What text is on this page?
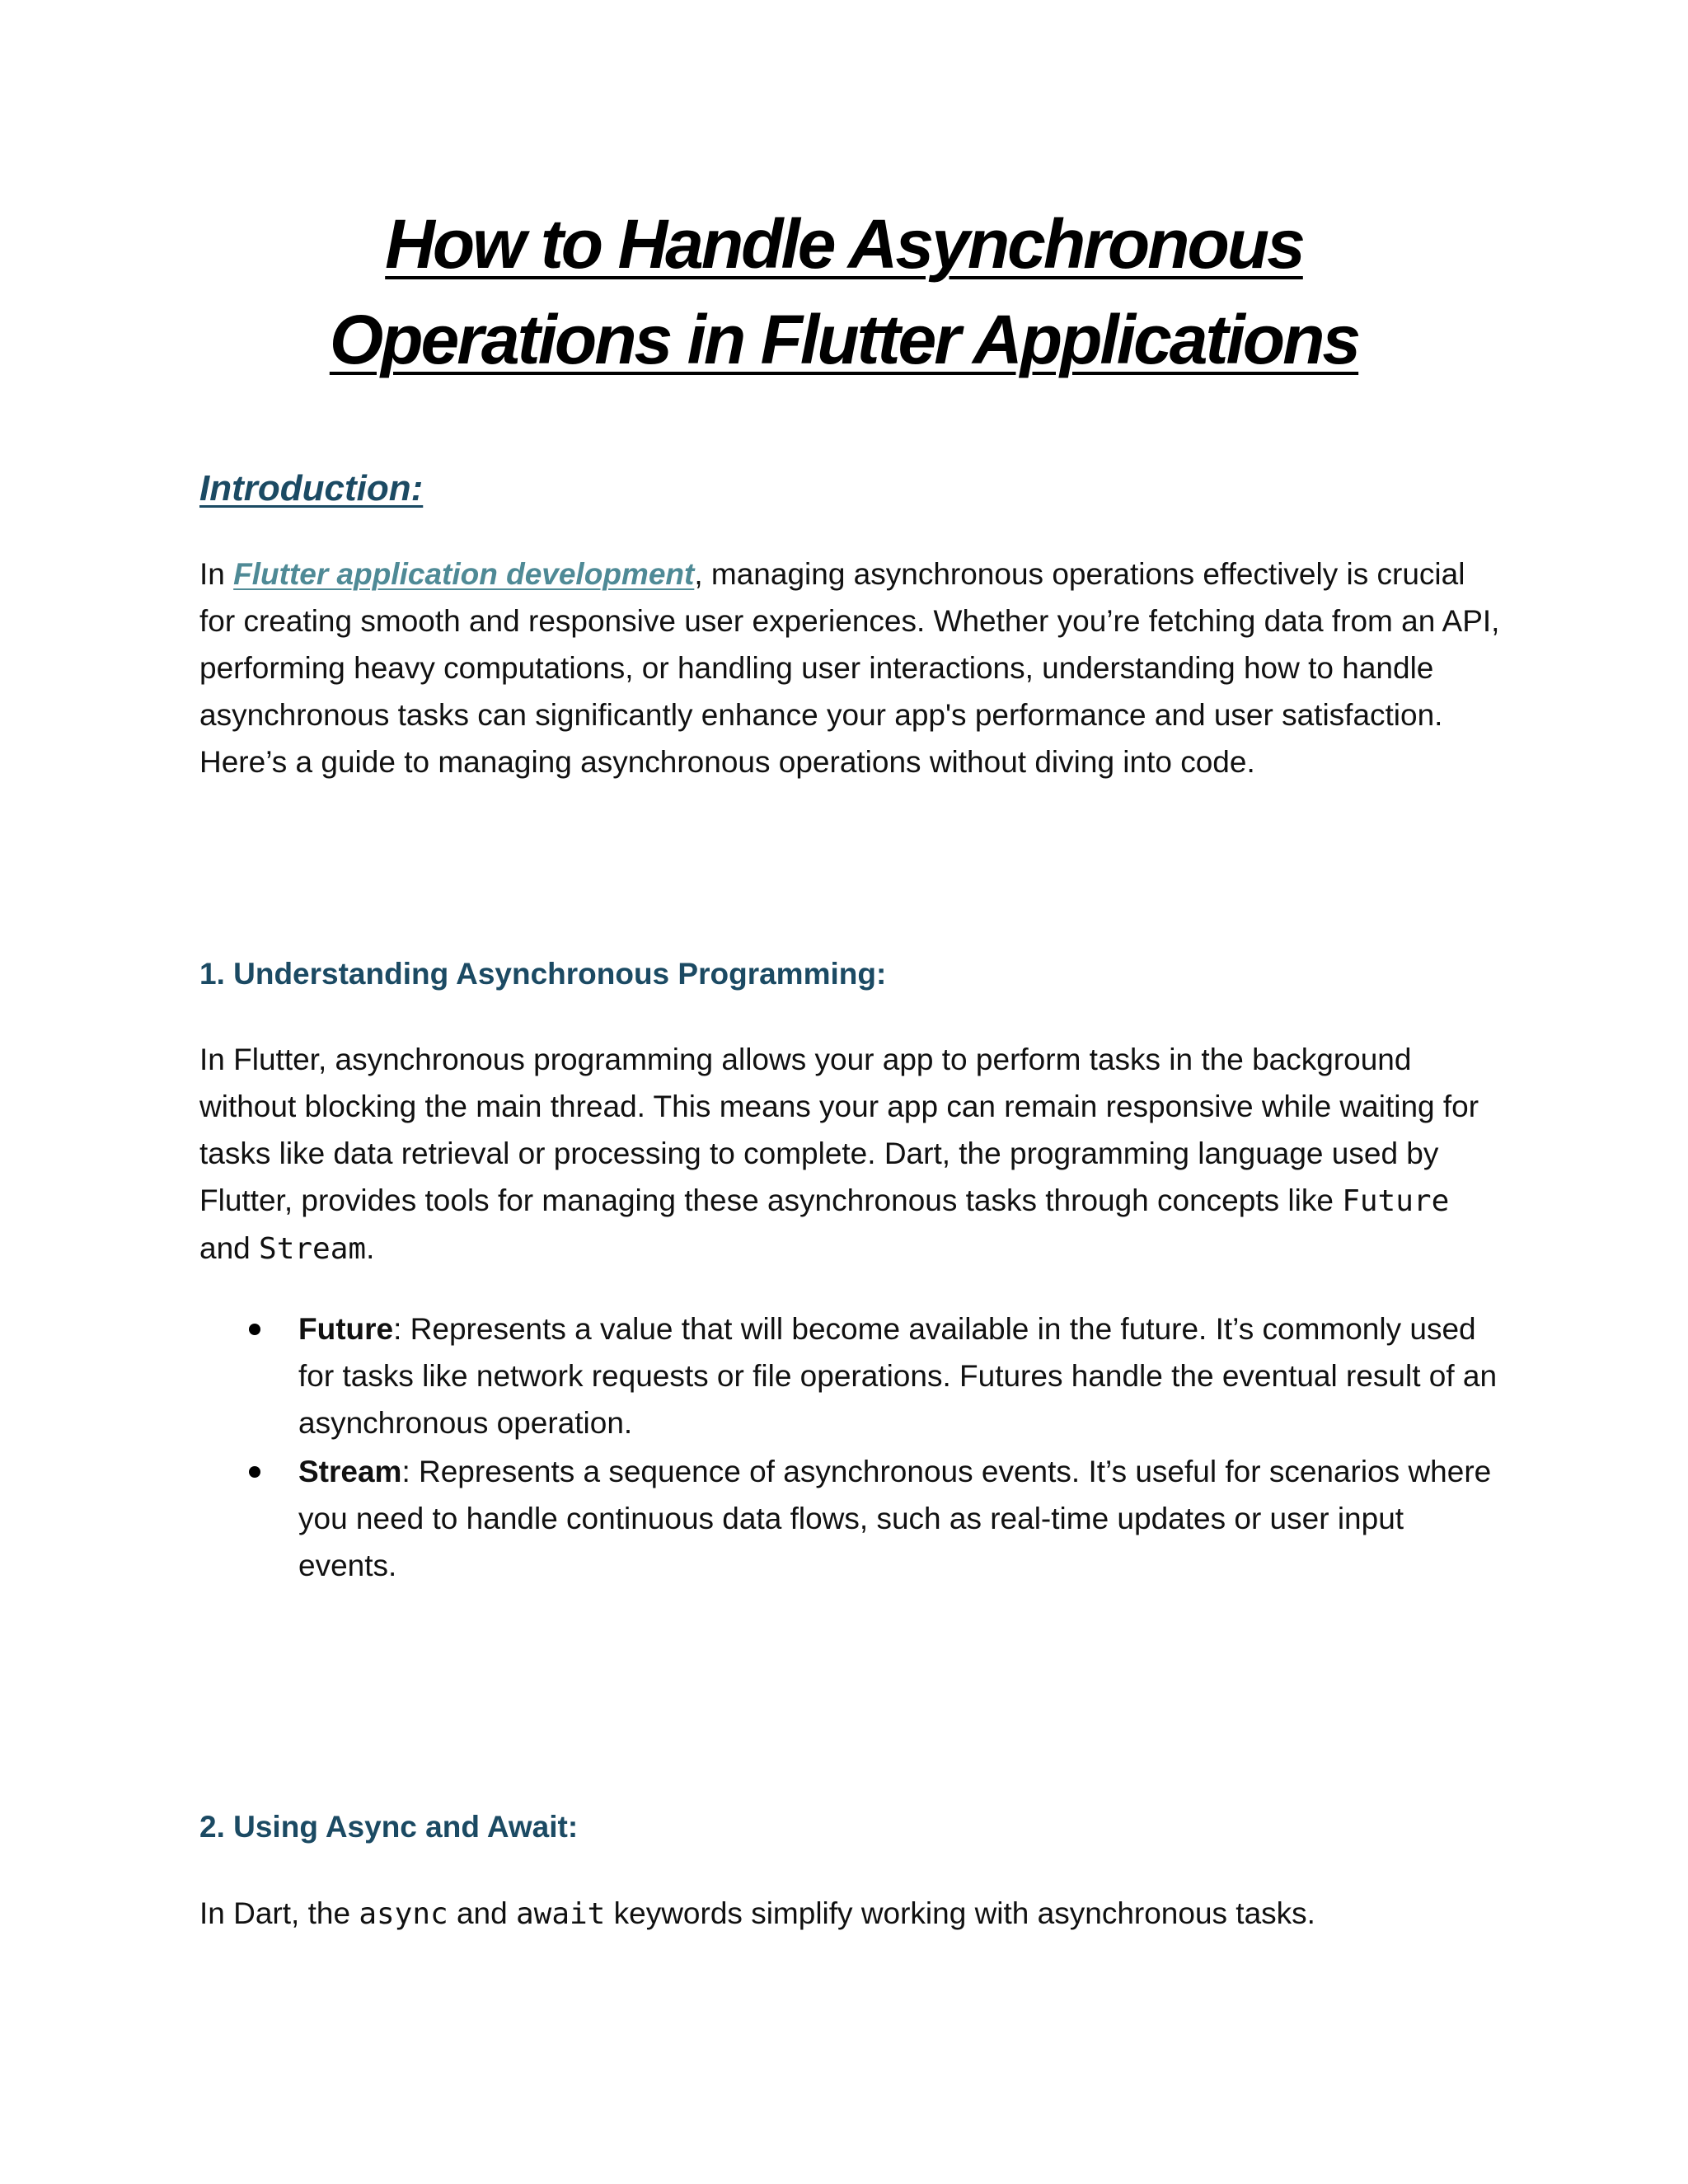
How to Handle Asynchronous
Operations in Flutter Applications
Introduction:

In Flutter application development, managing asynchronous operations effectively is crucial for creating smooth and responsive user experiences. Whether you’re fetching data from an API, performing heavy computations, or handling user interactions, understanding how to handle asynchronous tasks can significantly enhance your app's performance and user satisfaction. Here’s a guide to managing asynchronous operations without diving into code.

1. Understanding Asynchronous Programming:

In Flutter, asynchronous programming allows your app to perform tasks in the background without blocking the main thread. This means your app can remain responsive while waiting for tasks like data retrieval or processing to complete. Dart, the programming language used by Flutter, provides tools for managing these asynchronous tasks through concepts like Future and Stream.

Future: Represents a value that will become available in the future. It’s commonly used for tasks like network requests or file operations. Futures handle the eventual result of an asynchronous operation.
Stream: Represents a sequence of asynchronous events. It’s useful for scenarios where you need to handle continuous data flows, such as real-time updates or user input events.
2. Using Async and Await:

In Dart, the async and await keywords simplify working with asynchronous tasks.
